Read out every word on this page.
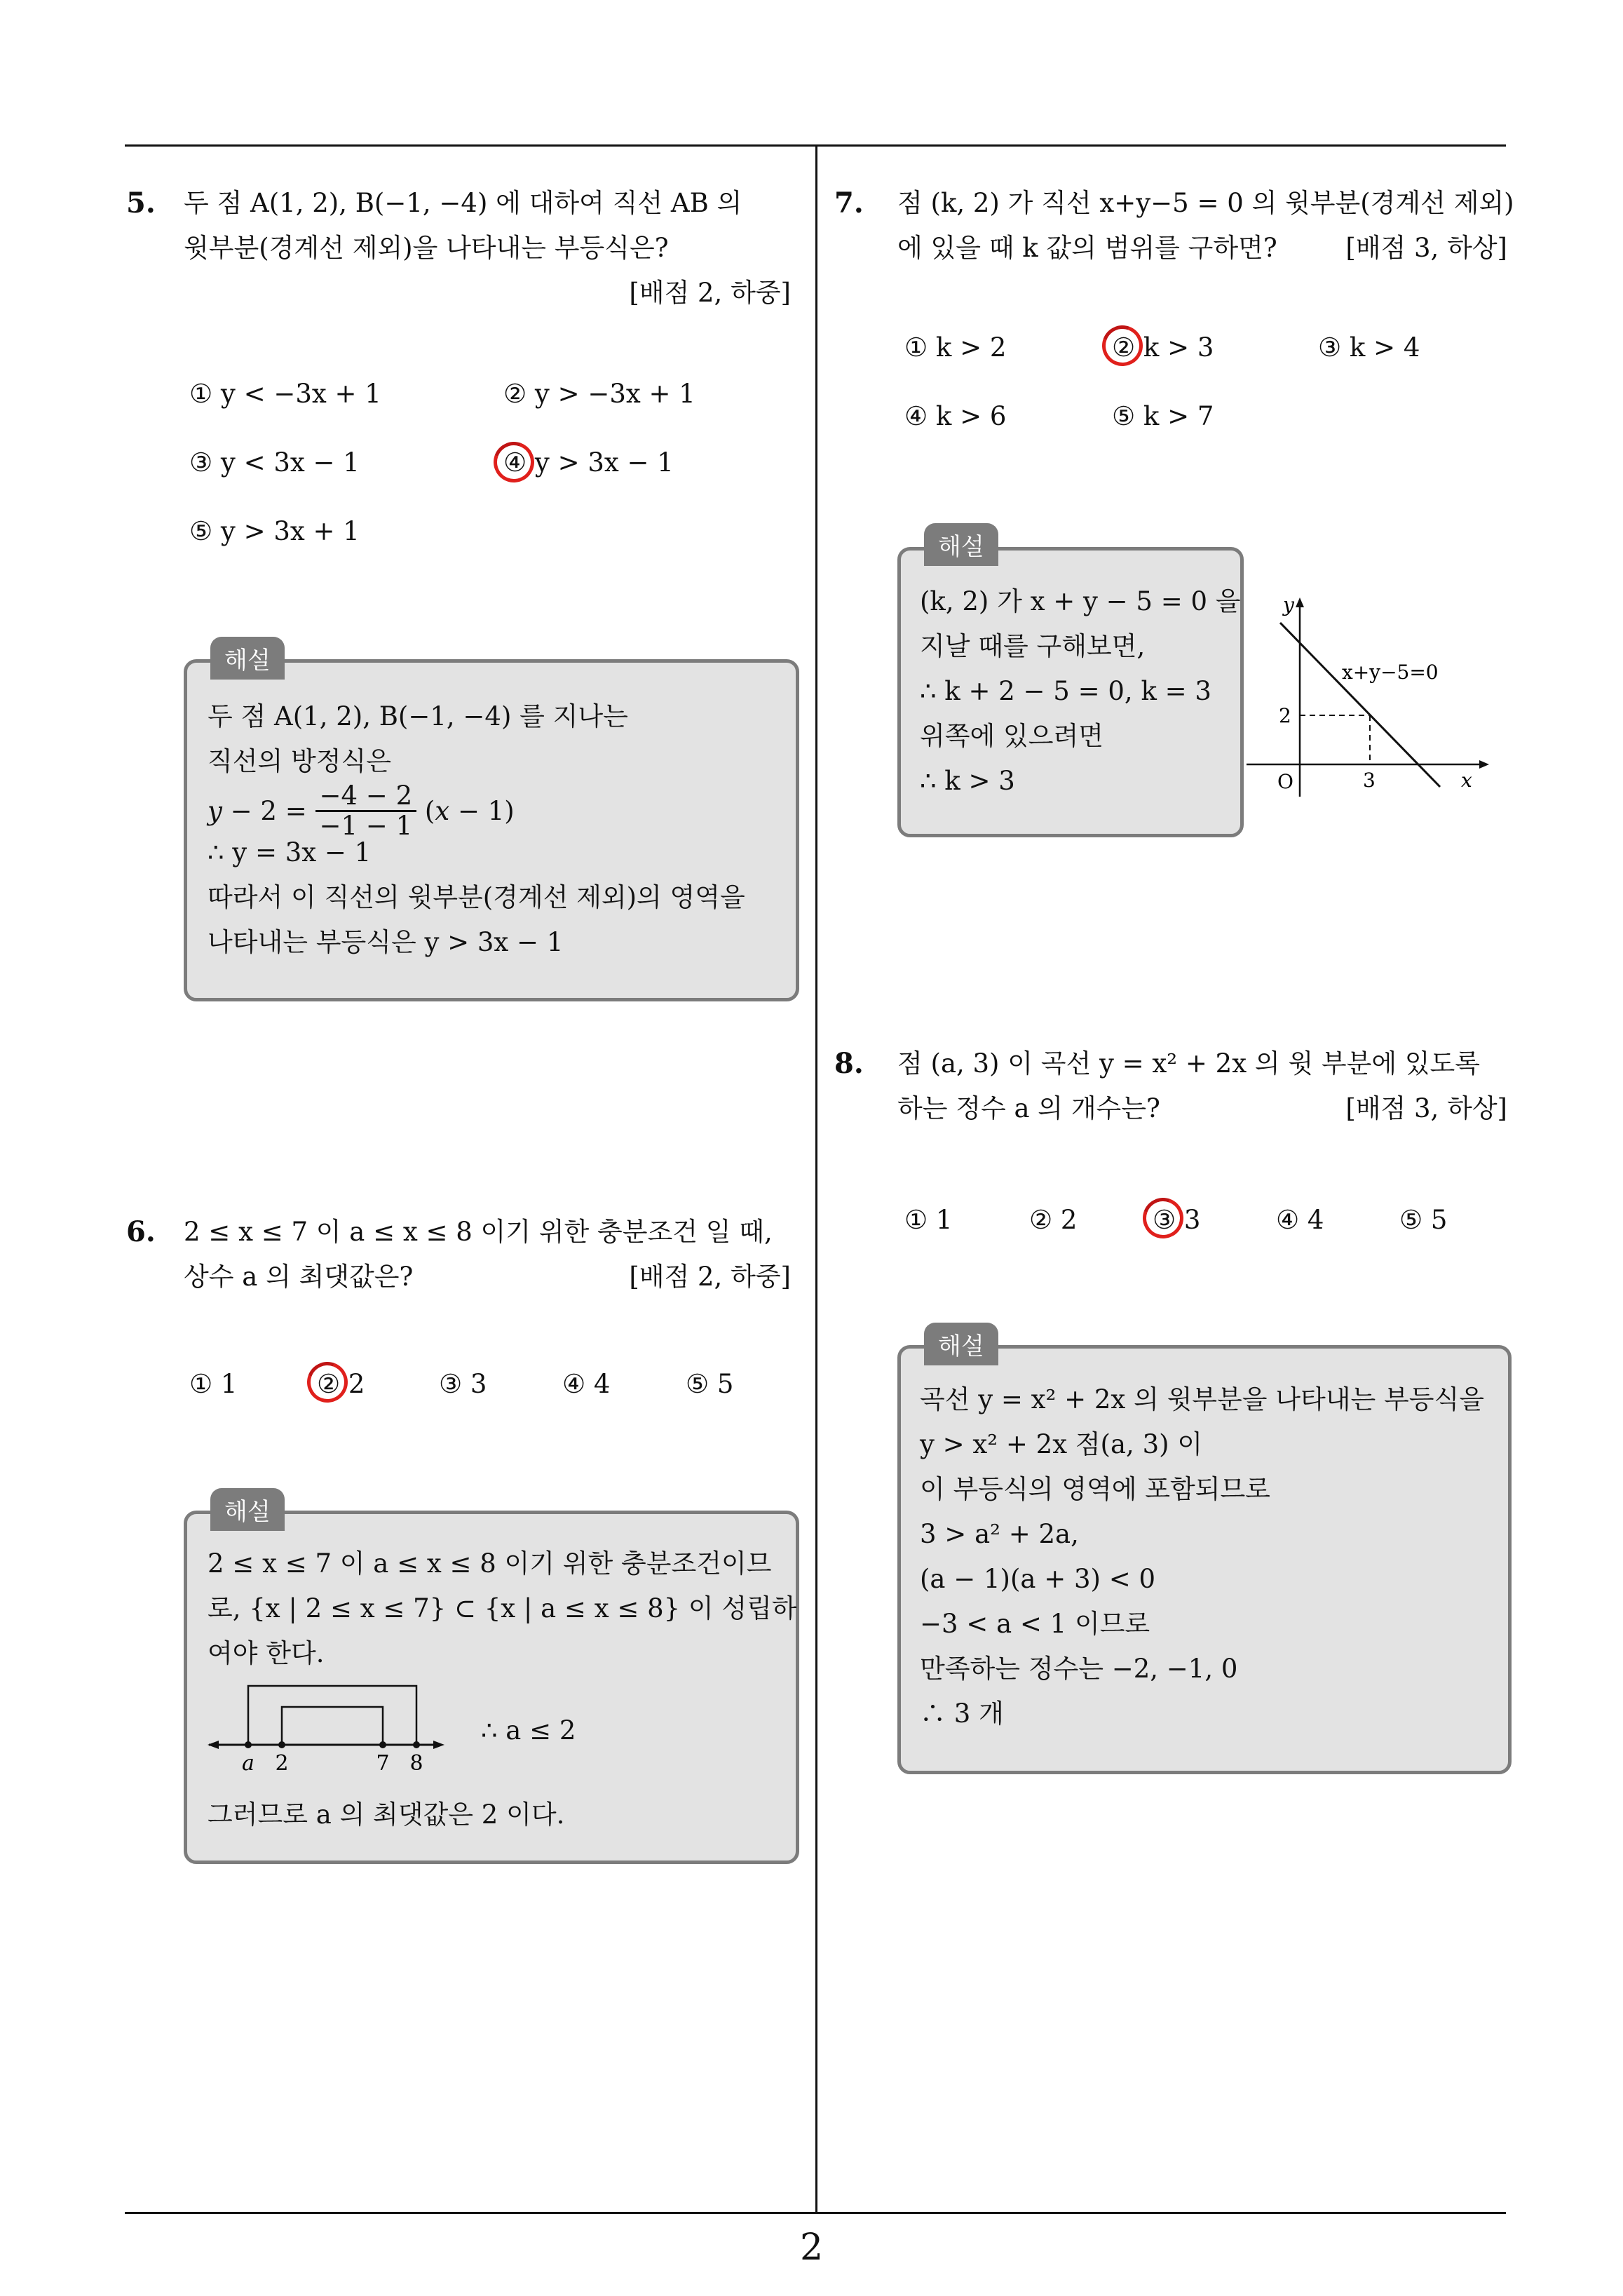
5. 두 점 A(1, 2), B(−1, −4) 에 대하여 직선 AB 의
윗부분(경계선 제외)을 나타내는 부등식은?
[배점 2, 하중]
① y < −3x + 1	② y > −3x + 1
③ y < 3x − 1	④ y > 3x − 1
⑤ y > 3x + 1
해설
두 점 A(1, 2), B(−1, −4) 를 지나는
직선의 방정식은
$y - 2 = \frac{-4 - 2}{-1 - 1} (x - 1)$
∴ y = 3x − 1
따라서 이 직선의 윗부분(경계선 제외)의 영역을
나타내는 부등식은 y > 3x − 1
6. 2 ≤ x ≤ 7 이 a ≤ x ≤ 8 이기 위한 충분조건 일 때,
상수 a 의 최댓값은?	[배점 2, 하중]
① 1	② 2	③ 3	④ 4	⑤ 5
해설
2 ≤ x ≤ 7 이 a ≤ x ≤ 8 이기 위한 충분조건이므
로, {x | 2 ≤ x ≤ 7} ⊂ {x | a ≤ x ≤ 8} 이 성립하
여야 한다.
a 2	7 8
∴ a ≤ 2
그러므로 a 의 최댓값은 2 이다.
7. 점 (k, 2) 가 직선 x+y−5 = 0 의 윗부분(경계선 제외)
에 있을 때 k 값의 범위를 구하면?	[배점 3, 하상]
① k > 2	② k > 3	③ k > 4
④ k > 6	⑤ k > 7
해설
(k, 2) 가 x + y − 5 = 0 을
지날 때를 구해보면,
∴ k + 2 − 5 = 0, k = 3
위쪽에 있으려면
∴ k > 3
y
x
O
2
3
x+y−5=0
8. 점 (a, 3) 이 곡선 y = x² + 2x 의 윗 부분에 있도록
하는 정수 a 의 개수는?	[배점 3, 하상]
① 1	② 2	③ 3	④ 4	⑤ 5
해설
곡선 y = x² + 2x 의 윗부분을 나타내는 부등식을
y > x² + 2x 점(a, 3) 이
이 부등식의 영역에 포함되므로
3 > a² + 2a,
(a − 1)(a + 3) < 0
−3 < a < 1 이므로
만족하는 정수는 −2, −1, 0
∴ 3 개
2
